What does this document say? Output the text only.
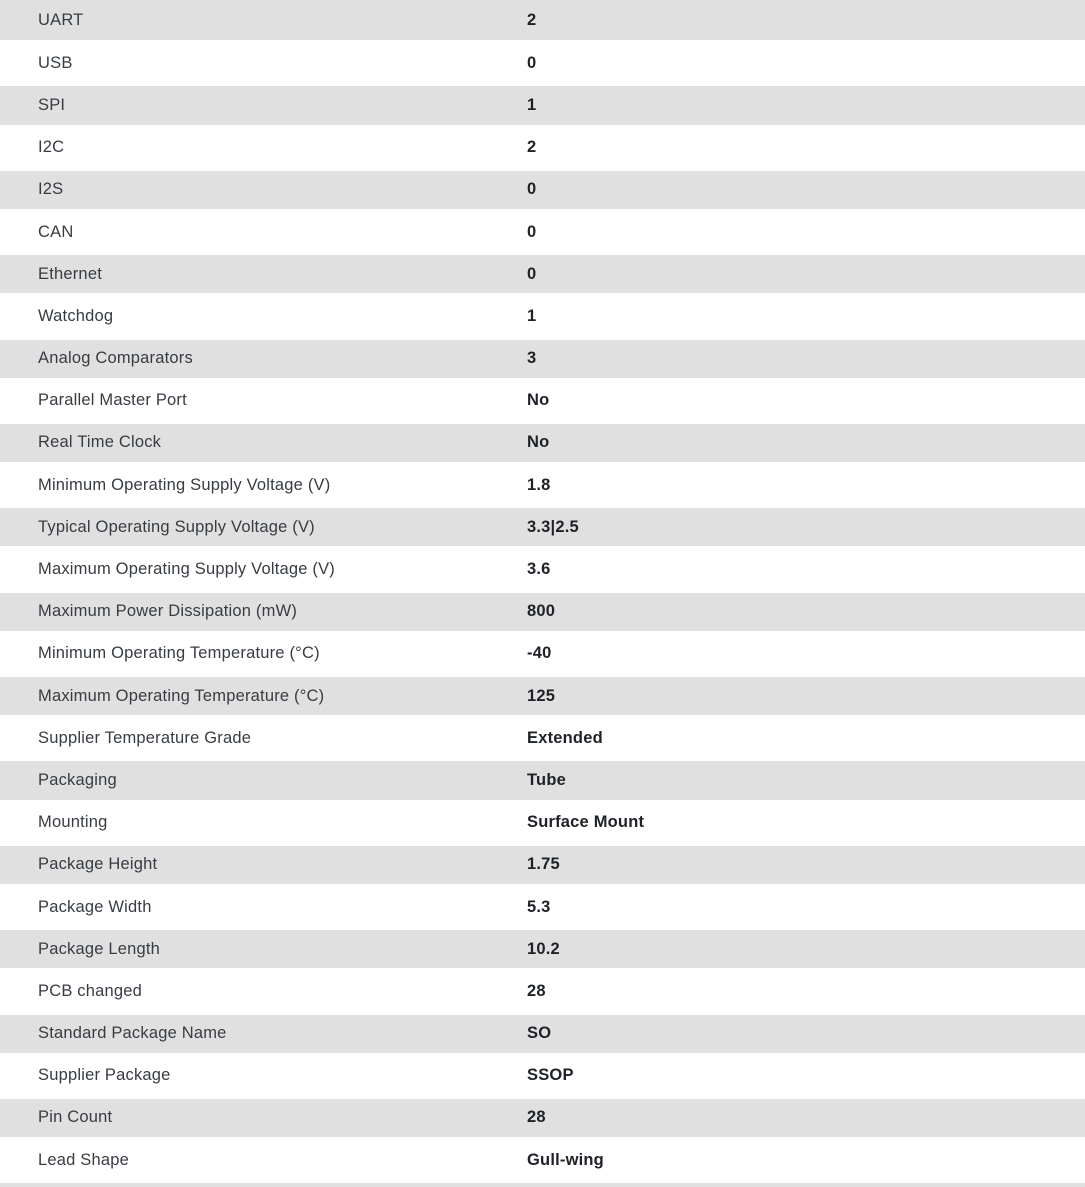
UART	2
USB	0
SPI	1
I2C	2
I2S	0
CAN	0
Ethernet	0
Watchdog	1
Analog Comparators	3
Parallel Master Port	No
Real Time Clock	No
Minimum Operating Supply Voltage (V)	1.8
Typical Operating Supply Voltage (V)	3.3|2.5
Maximum Operating Supply Voltage (V)	3.6
Maximum Power Dissipation (mW)	800
Minimum Operating Temperature (°C)	-40
Maximum Operating Temperature (°C)	125
Supplier Temperature Grade	Extended
Packaging	Tube
Mounting	Surface Mount
Package Height	1.75
Package Width	5.3
Package Length	10.2
PCB changed	28
Standard Package Name	SO
Supplier Package	SSOP
Pin Count	28
Lead Shape	Gull-wing
